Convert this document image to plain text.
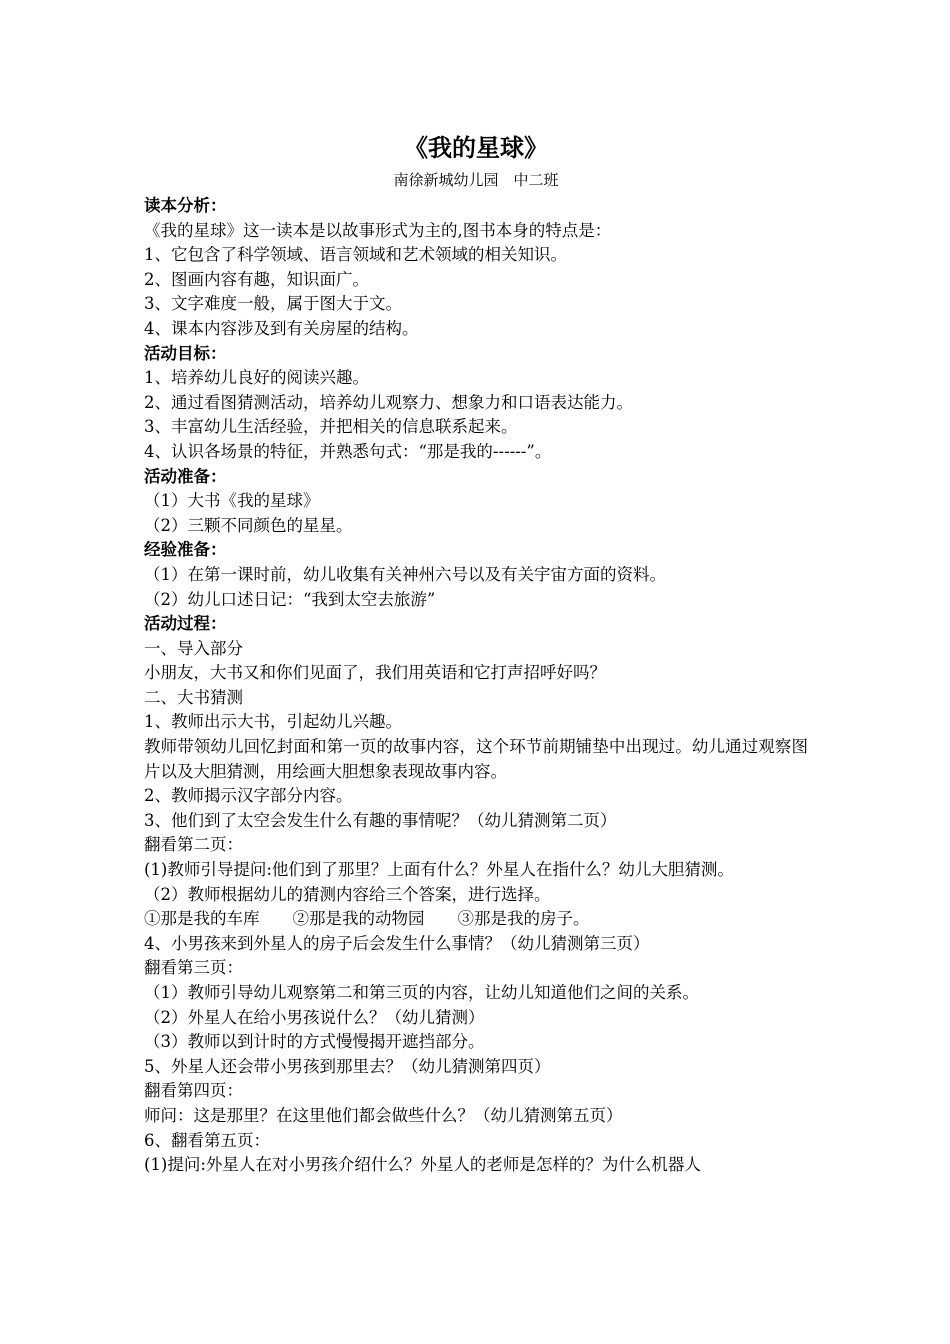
《我的星球》

南徐新城幼儿园　中二班

读本分析：

《我的星球》这一读本是以故事形式为主的,图书本身的特点是：

1、它包含了科学领域、语言领域和艺术领域的相关知识。

2、图画内容有趣，知识面广。

3、文字难度一般，属于图大于文。

4、课本内容涉及到有关房屋的结构。

活动目标：

1、培养幼儿良好的阅读兴趣。

2、通过看图猜测活动，培养幼儿观察力、想象力和口语表达能力。

3、丰富幼儿生活经验，并把相关的信息联系起来。

4、认识各场景的特征，并熟悉句式：“那是我的------”。

活动准备：

（1）大书《我的星球》

（2）三颗不同颜色的星星。

经验准备：

（1）在第一课时前，幼儿收集有关神州六号以及有关宇宙方面的资料。

（2）幼儿口述日记：“我到太空去旅游”

活动过程：

一、导入部分

小朋友，大书又和你们见面了，我们用英语和它打声招呼好吗？

二、大书猜测

1、教师出示大书，引起幼儿兴趣。

教师带领幼儿回忆封面和第一页的故事内容，这个环节前期铺垫中出现过。幼儿通过观察图片以及大胆猜测，用绘画大胆想象表现故事内容。

2、教师揭示汉字部分内容。

3、他们到了太空会发生什么有趣的事情呢？（幼儿猜测第二页）

翻看第二页：

(1)教师引导提问:他们到了那里？上面有什么？外星人在指什么？幼儿大胆猜测。

（2）教师根据幼儿的猜测内容给三个答案，进行选择。

①那是我的车库　　②那是我的动物园　　③那是我的房子。

4、小男孩来到外星人的房子后会发生什么事情？（幼儿猜测第三页）

翻看第三页：

（1）教师引导幼儿观察第二和第三页的内容，让幼儿知道他们之间的关系。

（2）外星人在给小男孩说什么？（幼儿猜测）

（3）教师以到计时的方式慢慢揭开遮挡部分。

5、外星人还会带小男孩到那里去？（幼儿猜测第四页）

翻看第四页：

师问：这是那里？在这里他们都会做些什么？（幼儿猜测第五页）

6、翻看第五页：

(1)提问:外星人在对小男孩介绍什么？外星人的老师是怎样的？为什么机器人
